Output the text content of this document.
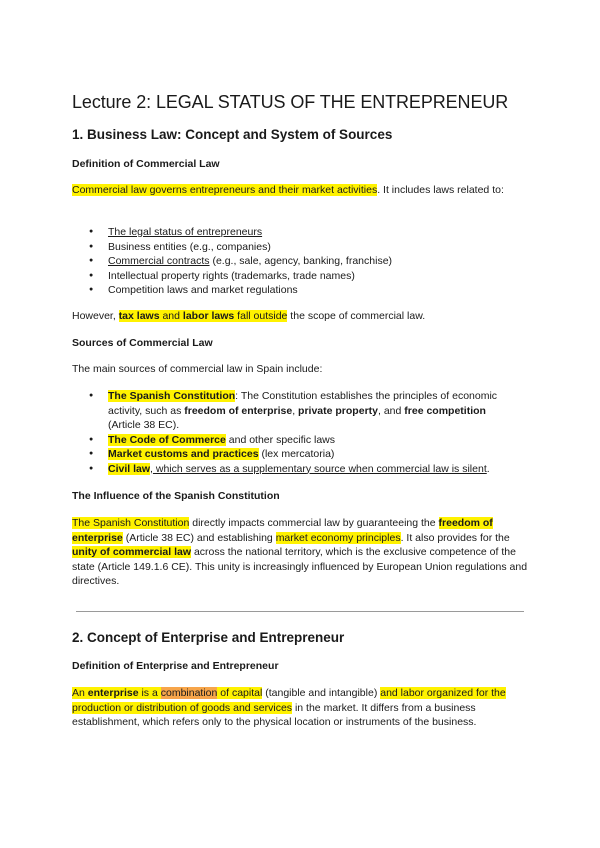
Lecture 2: LEGAL STATUS OF THE ENTREPRENEUR
1. Business Law: Concept and System of Sources
Definition of Commercial Law

Commercial law governs entrepreneurs and their market activities. It includes laws related to:

● The legal status of entrepreneurs
● Business entities (e.g., companies)
● Commercial contracts (e.g., sale, agency, banking, franchise)
● Intellectual property rights (trademarks, trade names)
● Competition laws and market regulations

However, tax laws and labor laws fall outside the scope of commercial law.

Sources of Commercial Law

The main sources of commercial law in Spain include:

● The Spanish Constitution: The Constitution establishes the principles of economic activity, such as freedom of enterprise, private property, and free competition (Article 38 EC).
● The Code of Commerce and other specific laws
● Market customs and practices (lex mercatoria)
● Civil law, which serves as a supplementary source when commercial law is silent.
The Influence of the Spanish Constitution

The Spanish Constitution directly impacts commercial law by guaranteeing the freedom of enterprise (Article 38 EC) and establishing market economy principles. It also provides for the unity of commercial law across the national territory, which is the exclusive competence of the state (Article 149.1.6 CE). This unity is increasingly influenced by European Union regulations and directives.

2. Concept of Enterprise and Entrepreneur
Definition of Enterprise and Entrepreneur

An enterprise is a combination of capital (tangible and intangible) and labor organized for the production or distribution of goods and services in the market. It differs from a business establishment, which refers only to the physical location or instruments of the business.
